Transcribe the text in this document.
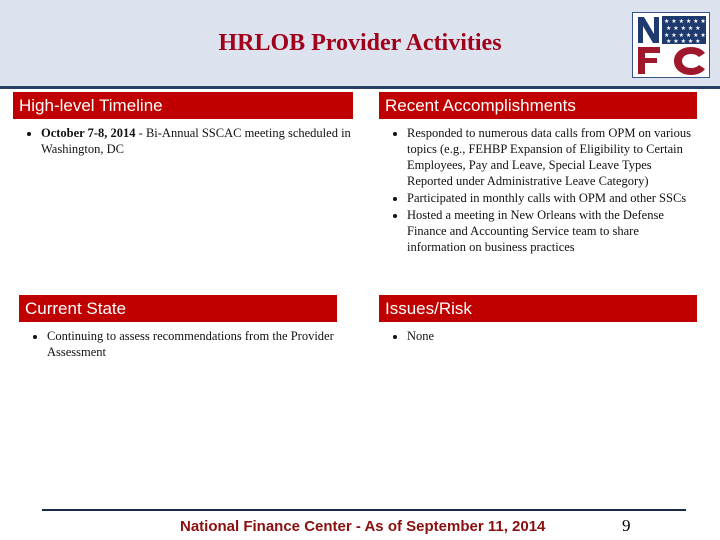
HRLOB Provider Activities
★ ★ ★ ★ ★ ★
★ ★ ★ ★ ★
★ ★ ★ ★ ★ ★
★ ★ ★ ★ ★
High-level Timeline
• October 7-8, 2014 - Bi-Annual SSCAC meeting scheduled in Washington, DC
Recent Accomplishments
• Responded to numerous data calls from OPM on various topics (e.g., FEHBP Expansion of Eligibility to Certain Employees, Pay and Leave, Special Leave Types Reported under Administrative Leave Category)
• Participated in monthly calls with OPM and other SSCs
• Hosted a meeting in New Orleans with the Defense Finance and Accounting Service team to share information on business practices
Current State
• Continuing to assess recommendations from the Provider Assessment
Issues/Risk
• None
National Finance Center - As of September 11, 2014	9
